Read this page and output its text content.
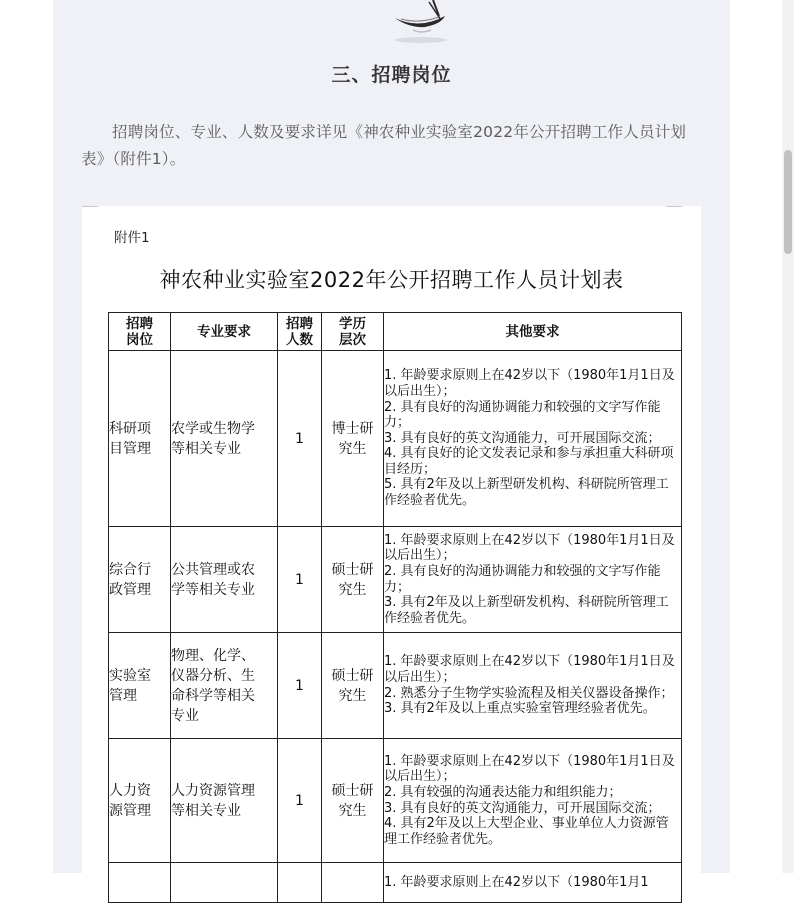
三、招聘岗位
招聘岗位、专业、人数及要求详见《神农种业实验室2022年公开招聘工作人员计划表》（附件1）。
附件1
神农种业实验室2022年公开招聘工作人员计划表
招聘岗位	专业要求	招聘人数	学历层次	其他要求

科研项目管理	农学或生物学等相关专业	1	博士研究生	1. 年龄要求原则上在42岁以下（1980年1月1日及以后出生）；
2. 具有良好的沟通协调能力和较强的文字写作能力；
3. 具有良好的英文沟通能力，可开展国际交流；
4. 具有良好的论文发表记录和参与承担重大科研项目经历；
5. 具有2年及以上新型研发机构、科研院所管理工作经验者优先。

综合行政管理	公共管理或农学等相关专业	1	硕士研究生	1. 年龄要求原则上在42岁以下（1980年1月1日及以后出生）；
2. 具有良好的沟通协调能力和较强的文字写作能力；
3. 具有2年及以上新型研发机构、科研院所管理工作经验者优先。

实验室管理	物理、化学、仪器分析、生命科学等相关专业	1	硕士研究生	1. 年龄要求原则上在42岁以下（1980年1月1日及以后出生）；
2. 熟悉分子生物学实验流程及相关仪器设备操作；
3. 具有2年及以上重点实验室管理经验者优先。

人力资源管理	人力资源管理等相关专业	1	硕士研究生	1. 年龄要求原则上在42岁以下（1980年1月1日及以后出生）；
2. 具有较强的沟通表达能力和组织能力；
3. 具有良好的英文沟通能力，可开展国际交流；
4. 具有2年及以上大型企业、事业单位人力资源管理工作经验者优先。

				1. 年龄要求原则上在42岁以下（1980年1月1
